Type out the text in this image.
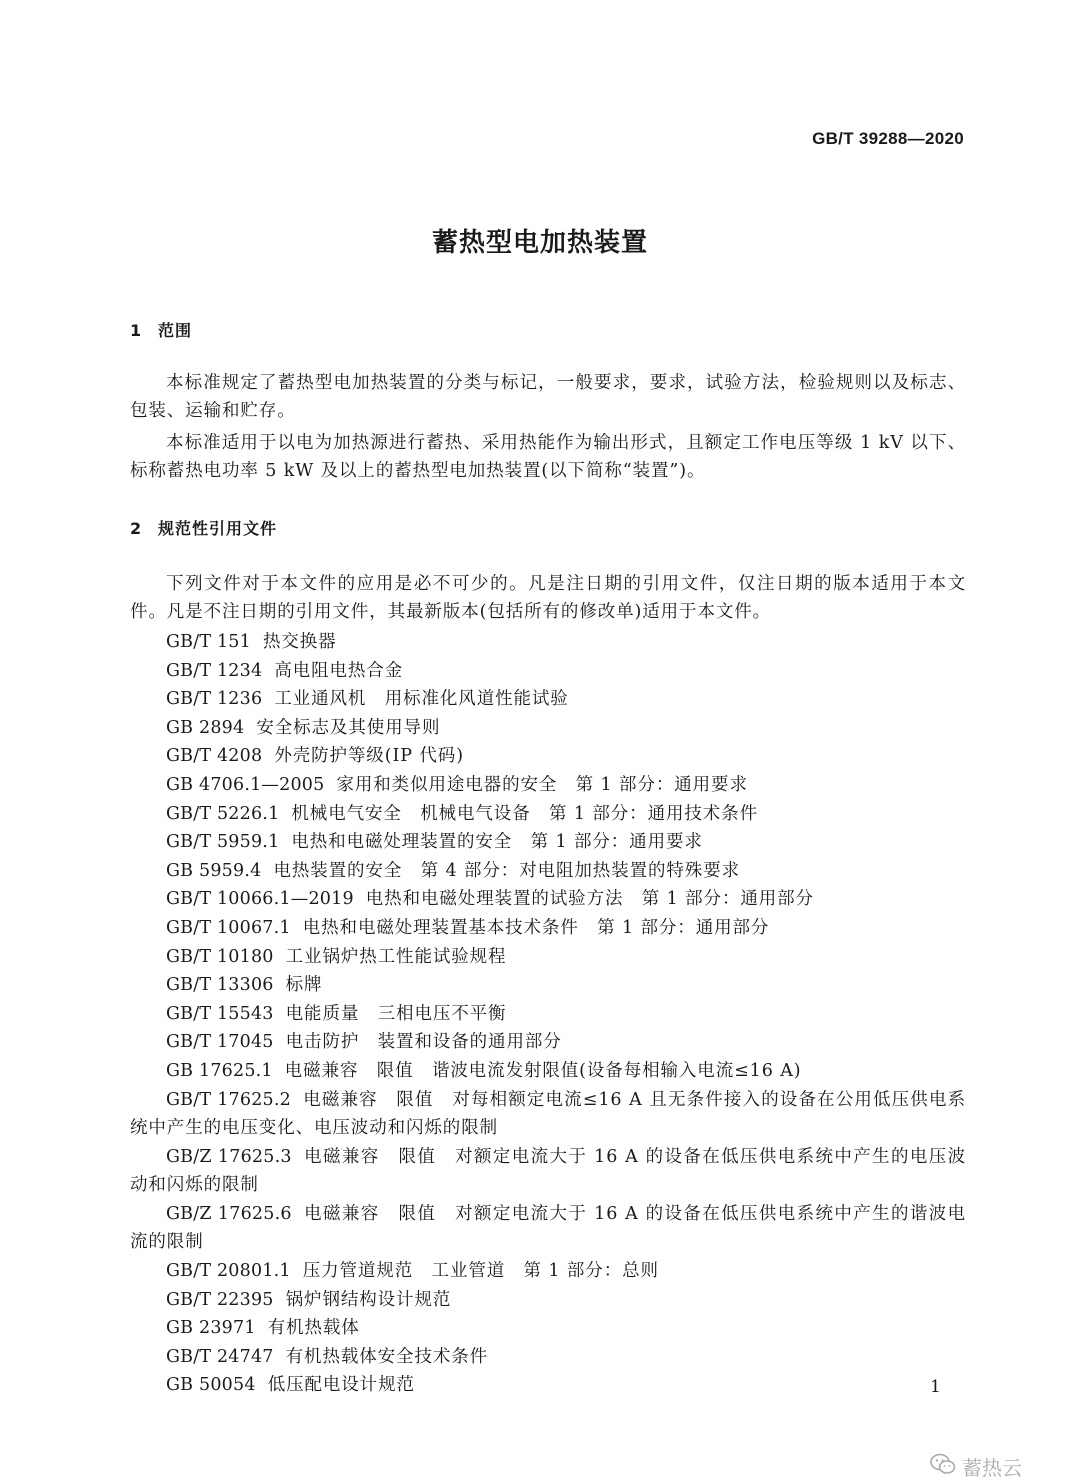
GB/T 39288—2020
蓄热型电加热装置
1 范围

本标准规定了蓄热型电加热装置的分类与标记，一般要求，要求，试验方法，检验规则以及标志、包装、运输和贮存。

本标准适用于以电为加热源进行蓄热、采用热能作为输出形式，且额定工作电压等级 1 kV 以下、标称蓄热电功率 5 kW 及以上的蓄热型电加热装置(以下简称“装置”)。

2 规范性引用文件

下列文件对于本文件的应用是必不可少的。凡是注日期的引用文件，仅注日期的版本适用于本文件。凡是不注日期的引用文件，其最新版本(包括所有的修改单)适用于本文件。

GB/T 151 热交换器
GB/T 1234 高电阻电热合金
GB/T 1236 工业通风机　用标准化风道性能试验
GB 2894 安全标志及其使用导则
GB/T 4208 外壳防护等级(IP 代码)
GB 4706.1—2005 家用和类似用途电器的安全　第 1 部分：通用要求
GB/T 5226.1 机械电气安全　机械电气设备　第 1 部分：通用技术条件
GB/T 5959.1 电热和电磁处理装置的安全　第 1 部分：通用要求
GB 5959.4 电热装置的安全　第 4 部分：对电阻加热装置的特殊要求
GB/T 10066.1—2019 电热和电磁处理装置的试验方法　第 1 部分：通用部分
GB/T 10067.1 电热和电磁处理装置基本技术条件　第 1 部分：通用部分
GB/T 10180 工业锅炉热工性能试验规程
GB/T 13306 标牌
GB/T 15543 电能质量　三相电压不平衡
GB/T 17045 电击防护　装置和设备的通用部分
GB 17625.1 电磁兼容　限值　谐波电流发射限值(设备每相输入电流≤16 A)
GB/T 17625.2 电磁兼容　限值　对每相额定电流≤16 A 且无条件接入的设备在公用低压供电系统中产生的电压变化、电压波动和闪烁的限制
GB/Z 17625.3 电磁兼容　限值　对额定电流大于 16 A 的设备在低压供电系统中产生的电压波动和闪烁的限制
GB/Z 17625.6 电磁兼容　限值　对额定电流大于 16 A 的设备在低压供电系统中产生的谐波电流的限制
GB/T 20801.1 压力管道规范　工业管道　第 1 部分：总则
GB/T 22395 锅炉钢结构设计规范
GB 23971 有机热载体
GB/T 24747 有机热载体安全技术条件
GB 50054 低压配电设计规范	1
蓄热云
